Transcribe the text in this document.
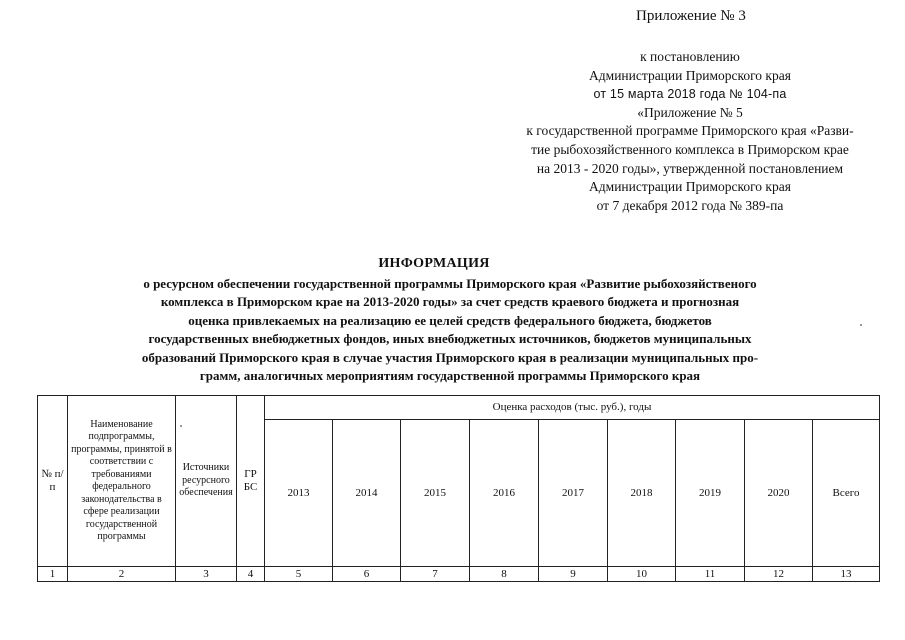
Приложение № 3
к постановлению
Администрации Приморского края
от 15 марта 2018 года № 104-па
«Приложение № 5
к государственной программе Приморского края «Разви-
тие рыбохозяйственного комплекса в Приморском крае
на 2013 - 2020 годы», утвержденной постановлением
Администрации Приморского края
от 7 декабря 2012 года № 389-па
ИНФОРМАЦИЯ
о ресурсном обеспечении государственной программы Приморского края «Развитие рыбохозяйственого
комплекса в Приморском крае на 2013-2020 годы» за счет средств краевого бюджета и прогнозная
оценка привлекаемых на реализацию ее целей средств федерального бюджета, бюджетов
государственных внебюджетных фондов, иных внебюджетных источников, бюджетов муниципальных
образований Приморского края в случае участия Приморского края в реализации муниципальных про-
грамм, аналогичных мероприятиям государственной программы Приморского края
№ п/п	Наименование подпрограммы, программы, принятой в соответствии с требованиями федерального законодательства в сфере реализации государственной программы	Источники ресурсного обеспечения	ГР БС	Оценка расходов (тыс. руб.), годы								
				2013	2014	2015	2016	2017	2018	2019	2020	Всего
1	2	3	4	5	6	7	8	9	10	11	12	13
